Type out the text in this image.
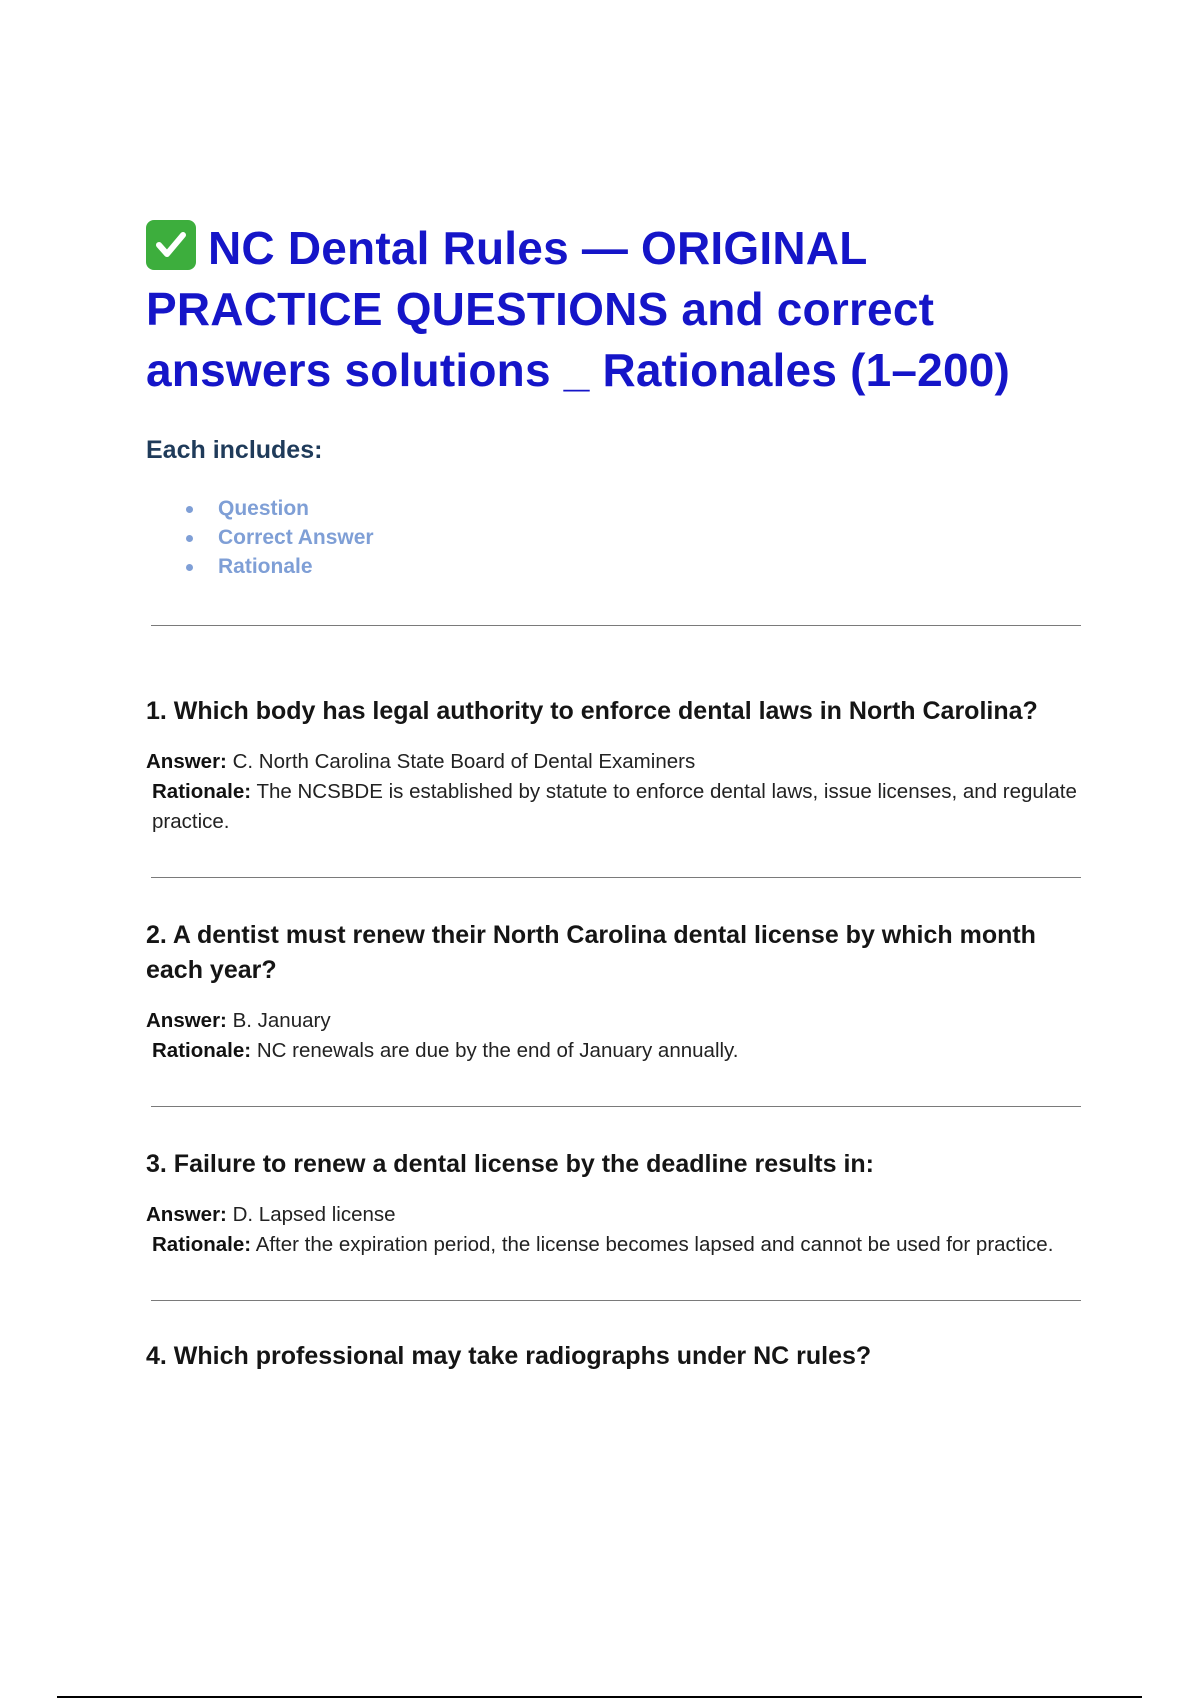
NC Dental Rules — ORIGINAL PRACTICE QUESTIONS and correct answers solutions _ Rationales (1–200)
Each includes:
Question
Correct Answer
Rationale

1. Which body has legal authority to enforce dental laws in North Carolina?

Answer: C. North Carolina State Board of Dental Examiners

Rationale: The NCSBDE is established by statute to enforce dental laws, issue licenses, and regulate practice.

2. A dentist must renew their North Carolina dental license by which month each year?

Answer: B. January

Rationale: NC renewals are due by the end of January annually.

3. Failure to renew a dental license by the deadline results in:

Answer: D. Lapsed license

Rationale: After the expiration period, the license becomes lapsed and cannot be used for practice.

4. Which professional may take radiographs under NC rules?
